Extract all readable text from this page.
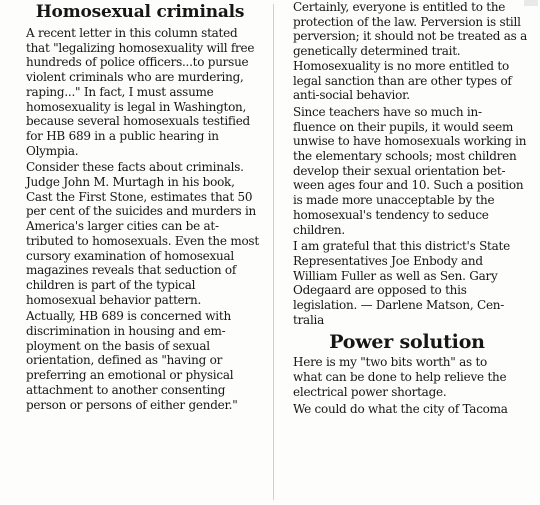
Homosexual criminals

A recent letter in this column stated
that "legalizing homosexuality will free
hundreds of police officers...to pursue
violent criminals who are murdering,
raping..." In fact, I must assume
homosexuality is legal in Washington,
because several homosexuals testified
for HB 689 in a public hearing in
Olympia.

Consider these facts about criminals.
Judge John M. Murtagh in his book,
Cast the First Stone, estimates that 50
per cent of the suicides and murders in
America's larger cities can be at-
tributed to homosexuals. Even the most
cursory examination of homosexual
magazines reveals that seduction of
children is part of the typical
homosexual behavior pattern.

Actually, HB 689 is concerned with
discrimination in housing and em-
ployment on the basis of sexual
orientation, defined as "having or
preferring an emotional or physical
attachment to another consenting
person or persons of either gender."

Certainly, everyone is entitled to the
protection of the law. Perversion is still
perversion; it should not be treated as a
genetically determined trait.
Homosexuality is no more entitled to
legal sanction than are other types of
anti-social behavior.

Since teachers have so much in-
fluence on their pupils, it would seem
unwise to have homosexuals working in
the elementary schools; most children
develop their sexual orientation bet-
ween ages four and 10. Such a position
is made more unacceptable by the
homosexual's tendency to seduce
children.

I am grateful that this district's State
Representatives Joe Enbody and
William Fuller as well as Sen. Gary
Odegaard are opposed to this
legislation. — Darlene Matson, Cen-
tralia

Power solution

Here is my "two bits worth" as to
what can be done to help relieve the
electrical power shortage.

We could do what the city of Tacoma
